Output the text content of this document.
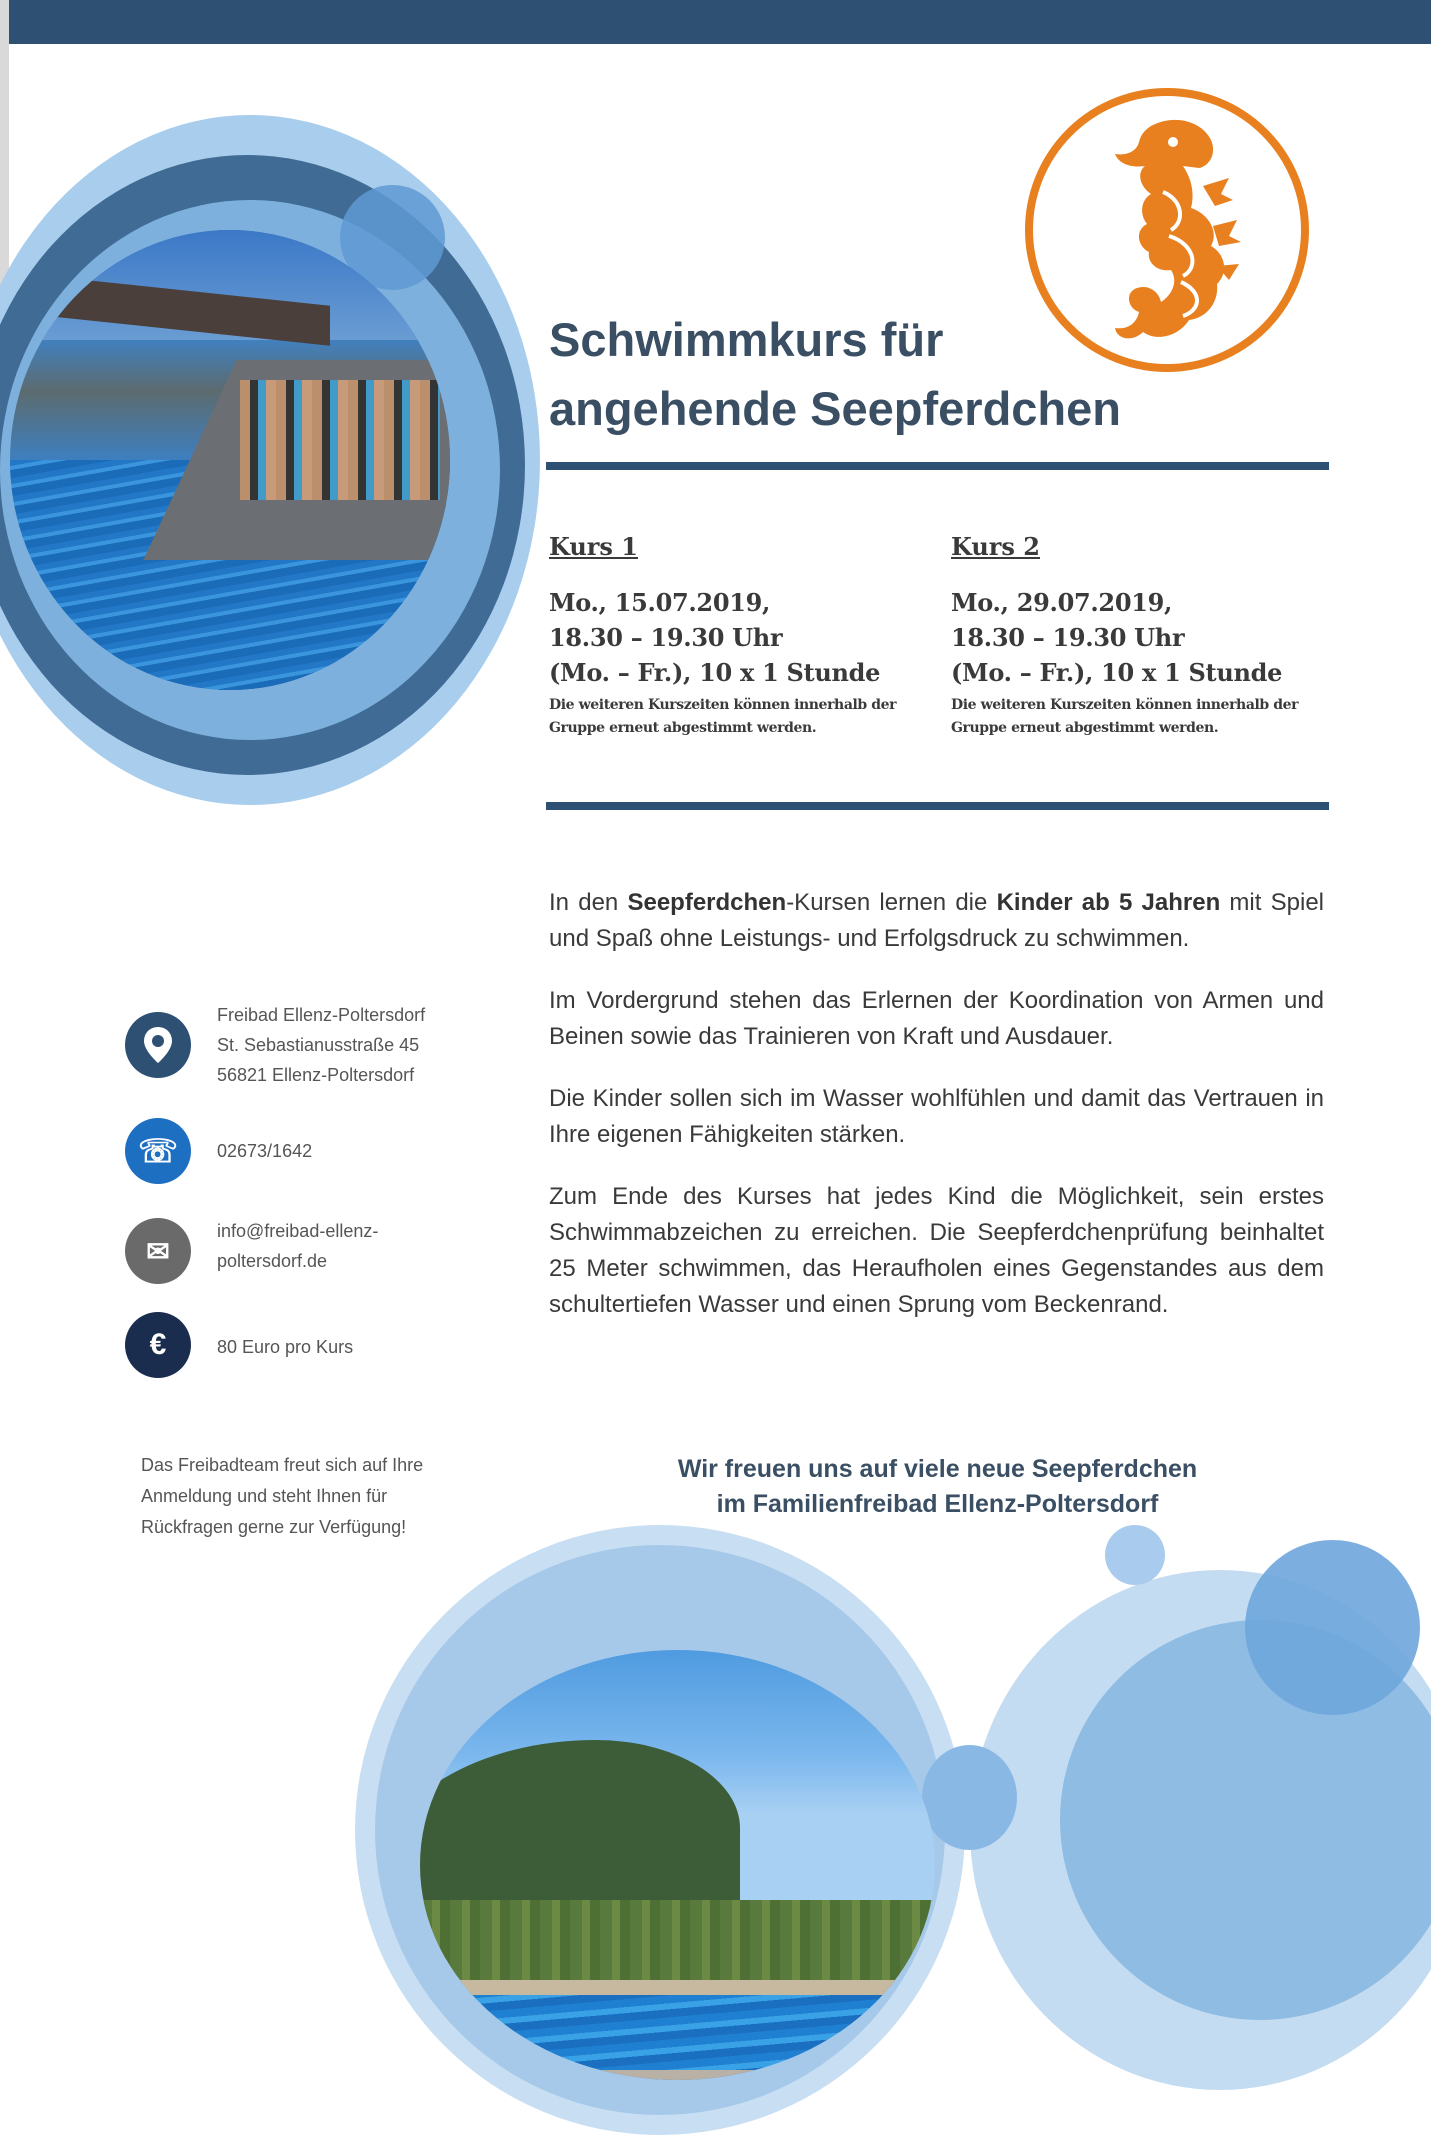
Schwimmkurs für
angehende Seepferdchen
Kurs 1
Mo., 15.07.2019,
18.30 – 19.30 Uhr
(Mo. – Fr.), 10 x 1 Stunde
Die weiteren Kurszeiten können innerhalb der
Gruppe erneut abgestimmt werden.
Kurs 2
Mo., 29.07.2019,
18.30 – 19.30 Uhr
(Mo. – Fr.), 10 x 1 Stunde
Die weiteren Kurszeiten können innerhalb der
Gruppe erneut abgestimmt werden.

In den Seepferdchen-Kursen lernen die Kinder ab 5 Jahren mit Spiel und Spaß ohne Leistungs- und Erfolgsdruck zu schwimmen.

Im Vordergrund stehen das Erlernen der Koordination von Armen und Beinen sowie das Trainieren von Kraft und Ausdauer.

Die Kinder sollen sich im Wasser wohlfühlen und damit das Vertrauen in Ihre eigenen Fähigkeiten stärken.

Zum Ende des Kurses hat jedes Kind die Möglichkeit, sein erstes Schwimmabzeichen zu erreichen. Die Seepferdchenprüfung beinhaltet 25 Meter schwimmen, das Heraufholen eines Gegenstandes aus dem schultertiefen Wasser und einen Sprung vom Beckenrand.

Freibad Ellenz-Poltersdorf
St. Sebastianusstraße 45
56821 Ellenz-Poltersdorf
☏	02673/1642
✉
info@freibad-ellenz-
poltersdorf.de
€	80 Euro pro Kurs
Das Freibadteam freut sich auf Ihre
Anmeldung und steht Ihnen für
Rückfragen gerne zur Verfügung!
Wir freuen uns auf viele neue Seepferdchen
im Familienfreibad Ellenz-Poltersdorf
